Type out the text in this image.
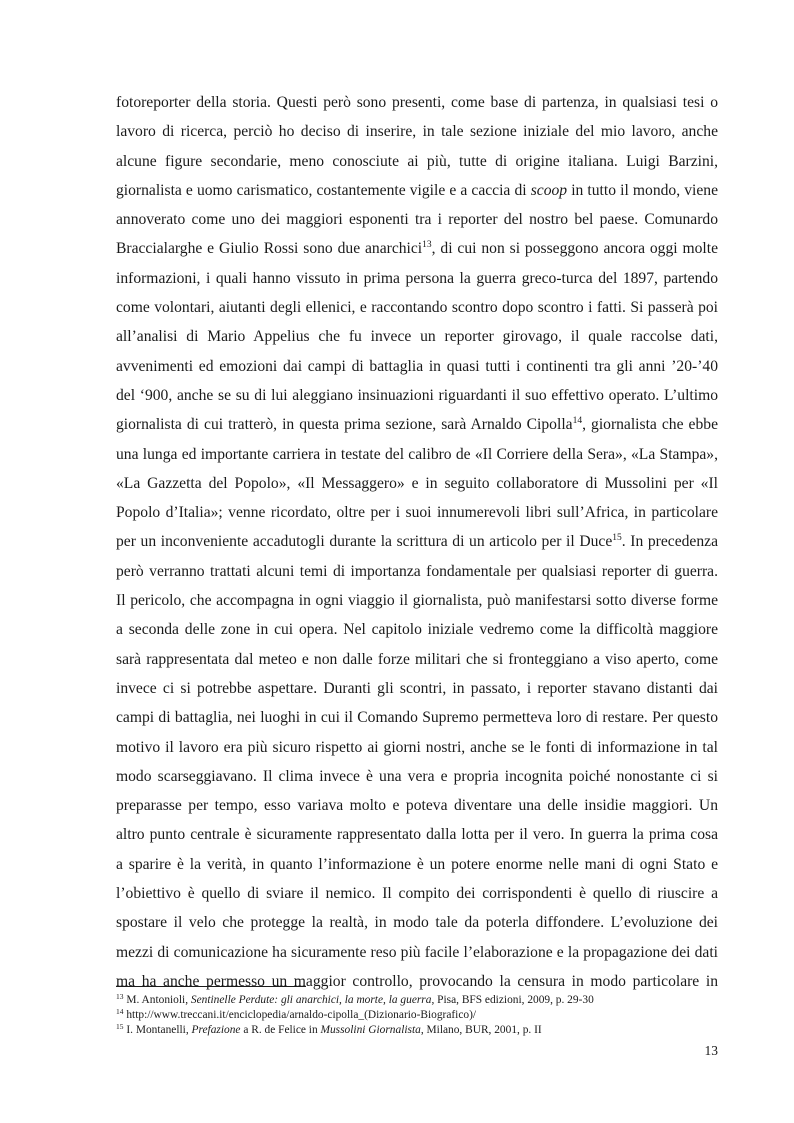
fotoreporter della storia. Questi però sono presenti, come base di partenza, in qualsiasi tesi o
lavoro di ricerca, perciò ho deciso di inserire, in tale sezione iniziale del mio lavoro, anche
alcune figure secondarie, meno conosciute ai più, tutte di origine italiana. Luigi Barzini,
giornalista e uomo carismatico, costantemente vigile e a caccia di scoop in tutto il mondo, viene
annoverato come uno dei maggiori esponenti tra i reporter del nostro bel paese. Comunardo
Braccialarghe e Giulio Rossi sono due anarchici$^{13}$, di cui non si posseggono ancora oggi molte
informazioni, i quali hanno vissuto in prima persona la guerra greco-turca del 1897, partendo
come volontari, aiutanti degli ellenici, e raccontando scontro dopo scontro i fatti. Si passerà poi
all’analisi di Mario Appelius che fu invece un reporter girovago, il quale raccolse dati,
avvenimenti ed emozioni dai campi di battaglia in quasi tutti i continenti tra gli anni ’20-’40
del ‘900, anche se su di lui aleggiano insinuazioni riguardanti il suo effettivo operato. L’ultimo
giornalista di cui tratterò, in questa prima sezione, sarà Arnaldo Cipolla$^{14}$, giornalista che ebbe
una lunga ed importante carriera in testate del calibro de «Il Corriere della Sera», «La Stampa»,
«La Gazzetta del Popolo», «Il Messaggero» e in seguito collaboratore di Mussolini per «Il
Popolo d’Italia»; venne ricordato, oltre per i suoi innumerevoli libri sull’Africa, in particolare
per un inconveniente accadutogli durante la scrittura di un articolo per il Duce$^{15}$. In precedenza
però verranno trattati alcuni temi di importanza fondamentale per qualsiasi reporter di guerra.
Il pericolo, che accompagna in ogni viaggio il giornalista, può manifestarsi sotto diverse forme
a seconda delle zone in cui opera. Nel capitolo iniziale vedremo come la difficoltà maggiore
sarà rappresentata dal meteo e non dalle forze militari che si fronteggiano a viso aperto, come
invece ci si potrebbe aspettare. Duranti gli scontri, in passato, i reporter stavano distanti dai
campi di battaglia, nei luoghi in cui il Comando Supremo permetteva loro di restare. Per questo
motivo il lavoro era più sicuro rispetto ai giorni nostri, anche se le fonti di informazione in tal
modo scarseggiavano. Il clima invece è una vera e propria incognita poiché nonostante ci si
preparasse per tempo, esso variava molto e poteva diventare una delle insidie maggiori. Un
altro punto centrale è sicuramente rappresentato dalla lotta per il vero. In guerra la prima cosa
a sparire è la verità, in quanto l’informazione è un potere enorme nelle mani di ogni Stato e
l’obiettivo è quello di sviare il nemico. Il compito dei corrispondenti è quello di riuscire a
spostare il velo che protegge la realtà, in modo tale da poterla diffondere. L’evoluzione dei
mezzi di comunicazione ha sicuramente reso più facile l’elaborazione e la propagazione dei dati
ma ha anche permesso un maggior controllo, provocando la censura in modo particolare in
$^{13}$ M. Antonioli, Sentinelle Perdute: gli anarchici, la morte, la guerra, Pisa, BFS edizioni, 2009, p. 29-30
$^{14}$ http://www.treccani.it/enciclopedia/arnaldo-cipolla_(Dizionario-Biografico)/
$^{15}$ I. Montanelli, Prefazione a R. de Felice in Mussolini Giornalista, Milano, BUR, 2001, p. II
13
